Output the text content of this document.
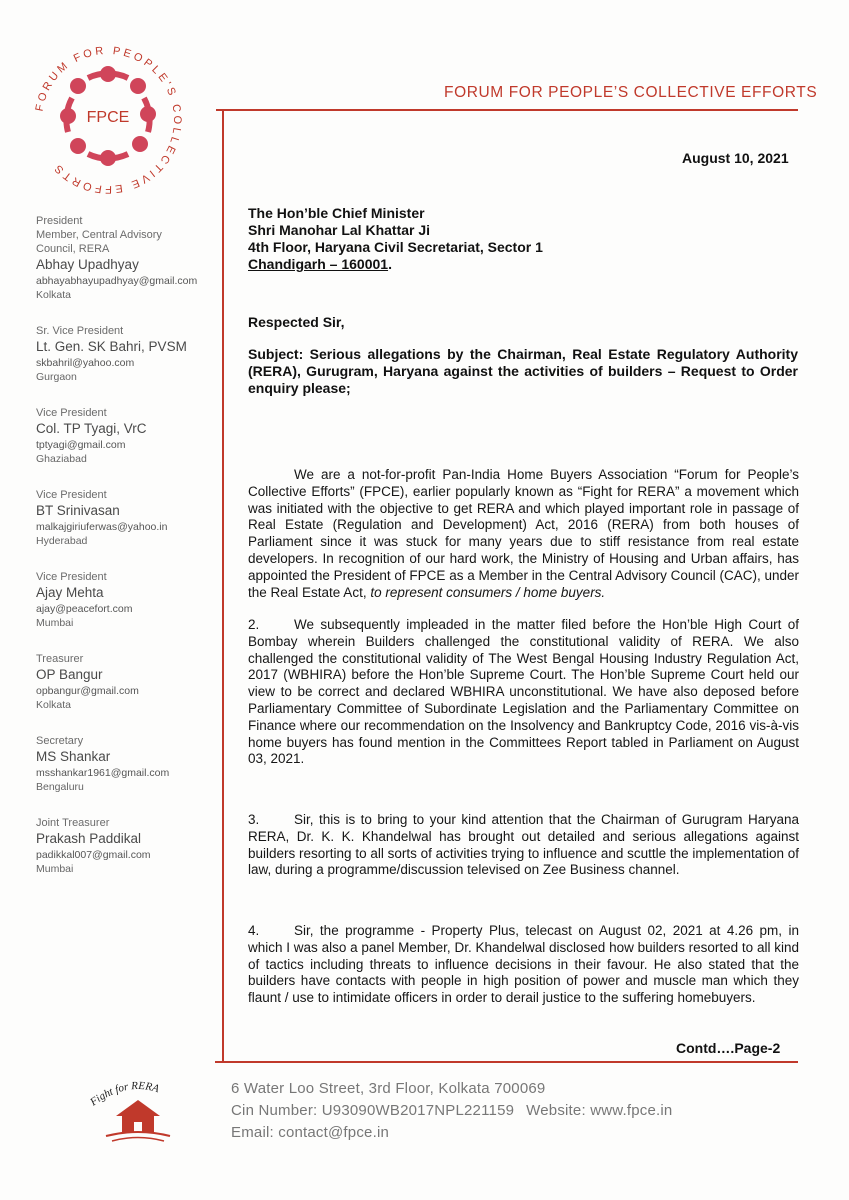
FORUM FOR PEOPLE'S COLLECTIVE EFFORTS
FPCE
FORUM FOR PEOPLE’S COLLECTIVE EFFORTS
President
Member, Central Advisory
Council, RERA
Abhay Upadhyay
abhayabhayupadhyay@gmail.com
Kolkata
Sr. Vice President
Lt. Gen. SK Bahri, PVSM
skbahril@yahoo.com
Gurgaon
Vice President
Col. TP Tyagi, VrC
tptyagi@gmail.com
Ghaziabad
Vice President
BT Srinivasan
malkajgiriuferwas@yahoo.in
Hyderabad
Vice President
Ajay Mehta
ajay@peacefort.com
Mumbai
Treasurer
OP Bangur
opbangur@gmail.com
Kolkata
Secretary
MS Shankar
msshankar1961@gmail.com
Bengaluru
Joint Treasurer
Prakash Paddikal
padikkal007@gmail.com
Mumbai
August 10, 2021
The Hon’ble Chief Minister
Shri Manohar Lal Khattar Ji
4th Floor, Haryana Civil Secretariat, Sector 1
Chandigarh – 160001.
Respected Sir,
Subject: Serious allegations by the Chairman, Real Estate Regulatory Authority (RERA), Gurugram, Haryana against the activities of builders – Request to Order enquiry please;
We are a not-for-profit Pan-India Home Buyers Association “Forum for People’s Collective Efforts” (FPCE), earlier popularly known as “Fight for RERA” a movement which was initiated with the objective to get RERA and which played important role in passage of Real Estate (Regulation and Development) Act, 2016 (RERA) from both houses of Parliament since it was stuck for many years due to stiff resistance from real estate developers. In recognition of our hard work, the Ministry of Housing and Urban affairs, has appointed the President of FPCE as a Member in the Central Advisory Council (CAC), under the Real Estate Act, to represent consumers / home buyers.
2.	We subsequently impleaded in the matter filed before the Hon’ble High Court of Bombay wherein Builders challenged the constitutional validity of RERA. We also challenged the constitutional validity of The West Bengal Housing Industry Regulation Act, 2017 (WBHIRA) before the Hon’ble Supreme Court. The Hon’ble Supreme Court held our view to be correct and declared WBHIRA unconstitutional. We have also deposed before Parliamentary Committee of Subordinate Legislation and the Parliamentary Committee on Finance where our recommendation on the Insolvency and Bankruptcy Code, 2016 vis-à-vis home buyers has found mention in the Committees Report tabled in Parliament on August 03, 2021.
3.	Sir, this is to bring to your kind attention that the Chairman of Gurugram Haryana RERA, Dr. K. K. Khandelwal has brought out detailed and serious allegations against builders resorting to all sorts of activities trying to influence and scuttle the implementation of law, during a programme/discussion televised on Zee Business channel.
4.	Sir, the programme - Property Plus, telecast on August 02, 2021 at 4.26 pm, in which I was also a panel Member, Dr. Khandelwal disclosed how builders resorted to all kind of tactics including threats to influence decisions in their favour. He also stated that the builders have contacts with people in high position of power and muscle man which they flaunt / use to intimidate officers in order to derail justice to the suffering homebuyers.
Contd….Page-2
Fight for RERA	6 Water Loo Street, 3rd Floor, Kolkata 700069
Cin Number: U93090WB2017NPL221159 Website: www.fpce.in
Email: contact@fpce.in
